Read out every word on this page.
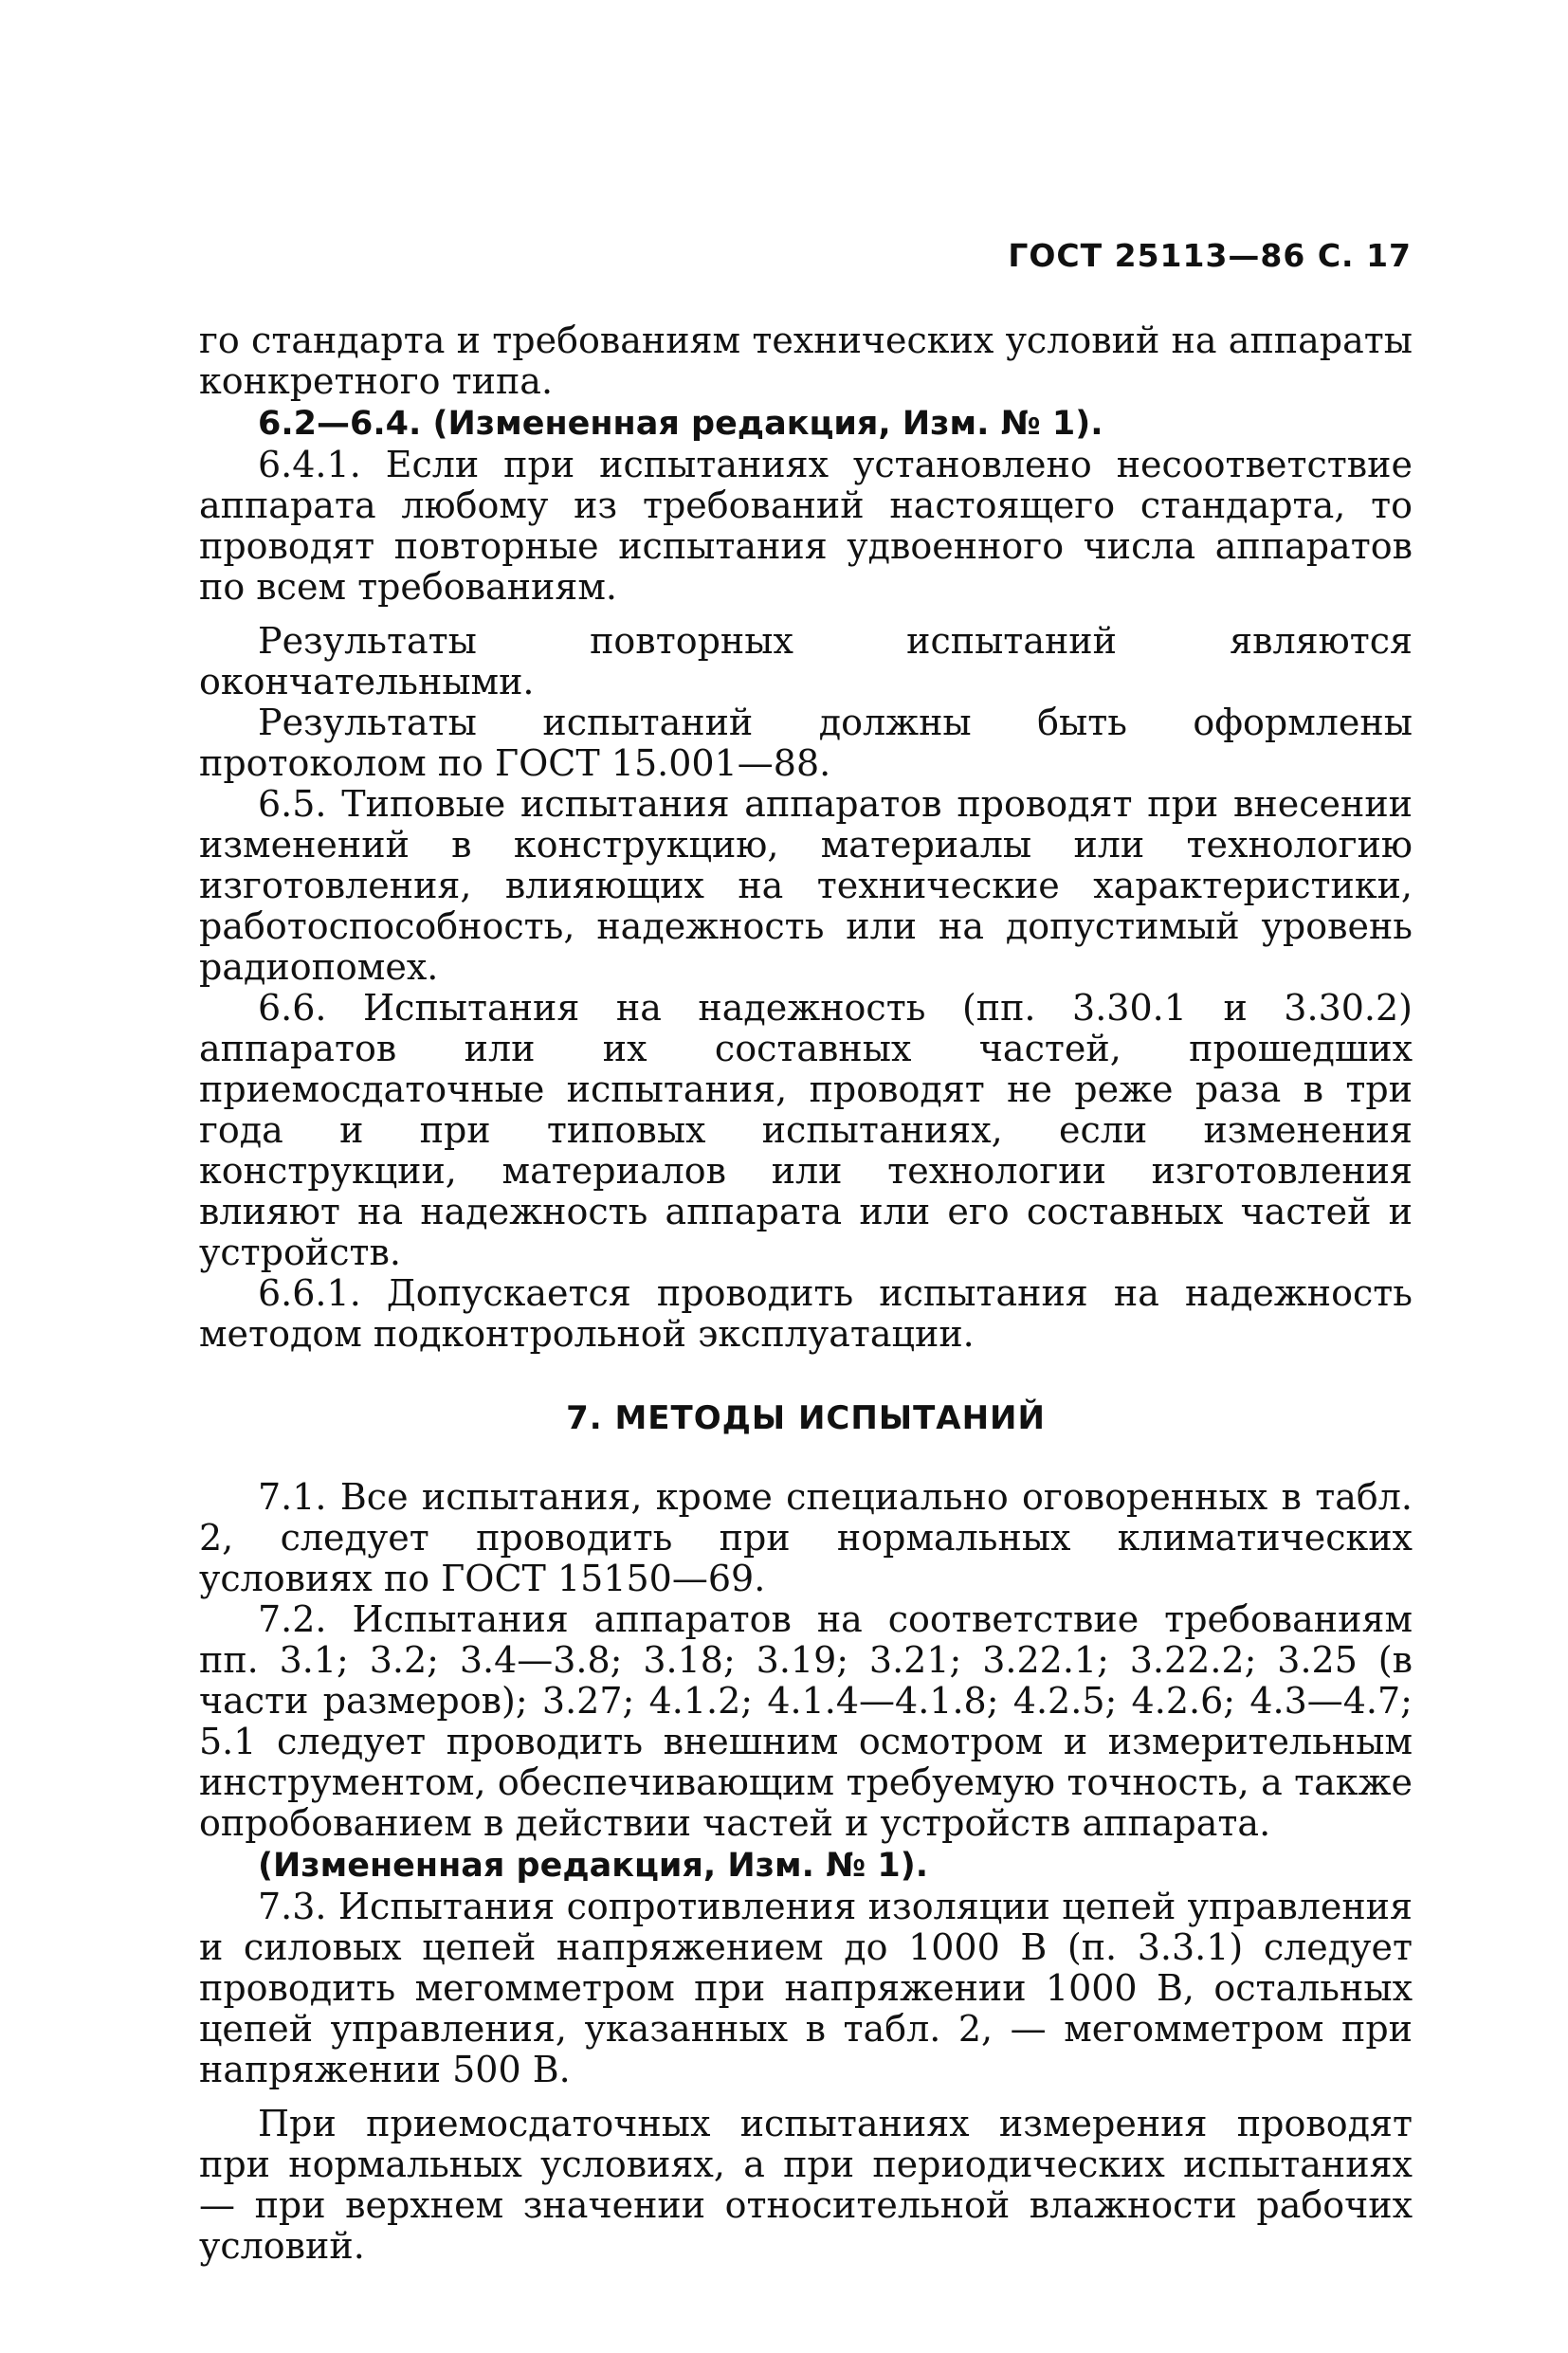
ГОСТ 25113—86 С. 17

го стандарта и требованиям технических условий на аппараты конкретного типа.

6.2—6.4. (Измененная редакция, Изм. № 1).

6.4.1. Если при испытаниях установлено несоответствие аппарата любому из требований настоящего стандарта, то проводят повторные испытания удвоенного числа аппаратов по всем требованиям.

Результаты повторных испытаний являются окончательными.

Результаты испытаний должны быть оформлены протоколом по ГОСТ 15.001—88.

6.5. Типовые испытания аппаратов проводят при внесении изменений в конструкцию, материалы или технологию изготовления, влияющих на технические характеристики, работоспособность, надежность или на допустимый уровень радиопомех.

6.6. Испытания на надежность (пп. 3.30.1 и 3.30.2) аппаратов или их составных частей, прошедших приемосдаточные испытания, проводят не реже раза в три года и при типовых испытаниях, если изменения конструкции, материалов или технологии изготовления влияют на надежность аппарата или его составных частей и устройств.

6.6.1. Допускается проводить испытания на надежность методом подконтрольной эксплуатации.

7. МЕТОДЫ ИСПЫТАНИЙ

7.1. Все испытания, кроме специально оговоренных в табл. 2, следует проводить при нормальных климатических условиях по ГОСТ 15150—69.

7.2. Испытания аппаратов на соответствие требованиям пп. 3.1; 3.2; 3.4—3.8; 3.18; 3.19; 3.21; 3.22.1; 3.22.2; 3.25 (в части размеров); 3.27; 4.1.2; 4.1.4—4.1.8; 4.2.5; 4.2.6; 4.3—4.7; 5.1 следует проводить внешним осмотром и измерительным инструментом, обеспечивающим требуемую точность, а также опробованием в действии частей и устройств аппарата.

(Измененная редакция, Изм. № 1).

7.3. Испытания сопротивления изоляции цепей управления и силовых цепей напряжением до 1000 В (п. 3.3.1) следует проводить мегомметром при напряжении 1000 В, остальных цепей управления, указанных в табл. 2, — мегомметром при напряжении 500 В.

При приемосдаточных испытаниях измерения проводят при нормальных условиях, а при периодических испытаниях — при верхнем значении относительной влажности рабочих условий.
